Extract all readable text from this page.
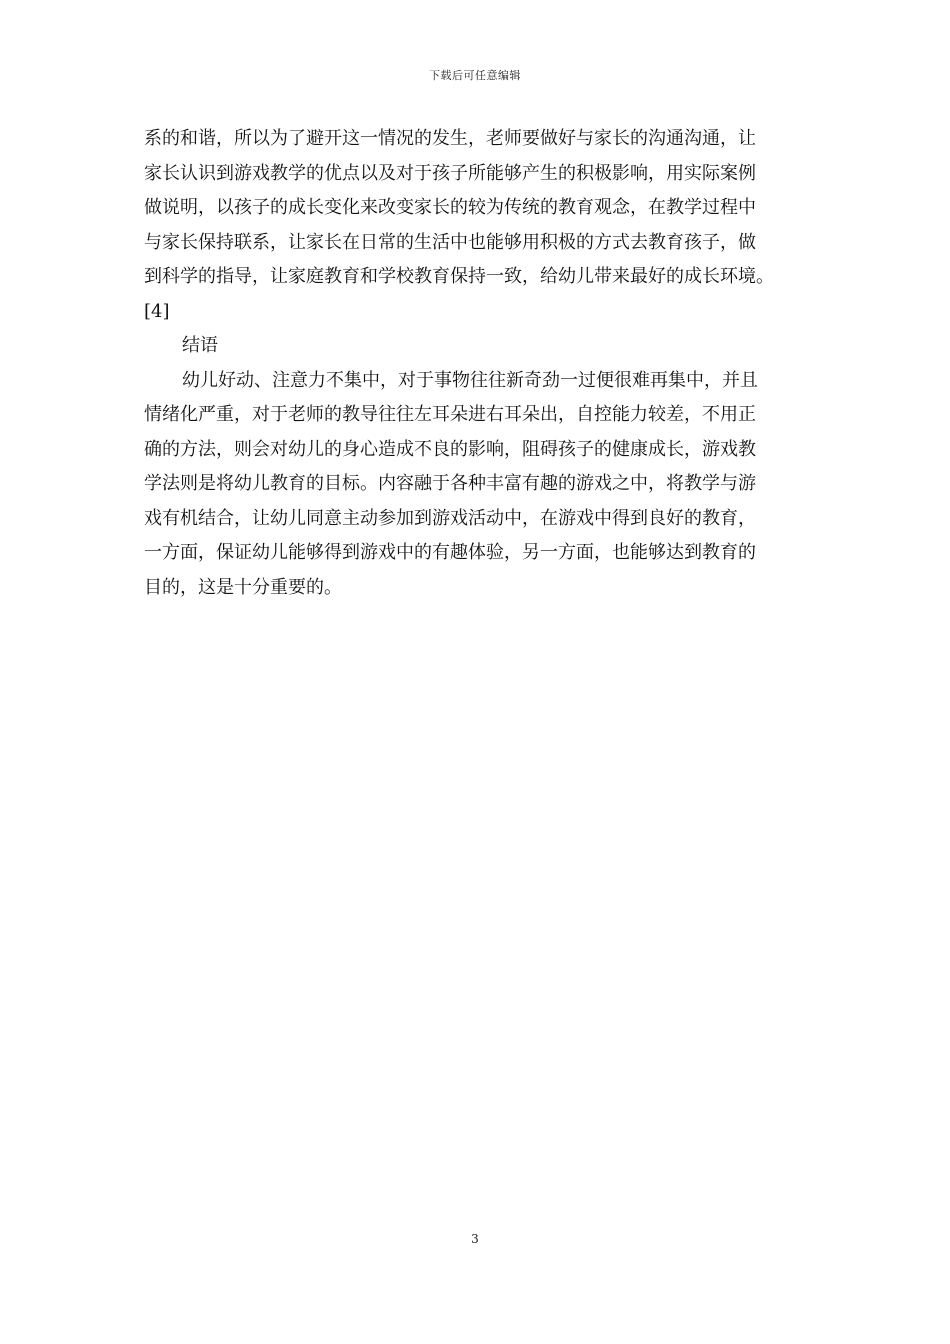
下载后可任意编辑
系的和谐，所以为了避开这一情况的发生，老师要做好与家长的沟通沟通，让
家长认识到游戏教学的优点以及对于孩子所能够产生的积极影响，用实际案例
做说明，以孩子的成长变化来改变家长的较为传统的教育观念，在教学过程中
与家长保持联系，让家长在日常的生活中也能够用积极的方式去教育孩子，做
到科学的指导，让家庭教育和学校教育保持一致，给幼儿带来最好的成长环境。
[4]
结语
幼儿好动、注意力不集中，对于事物往往新奇劲一过便很难再集中，并且
情绪化严重，对于老师的教导往往左耳朵进右耳朵出，自控能力较差，不用正
确的方法，则会对幼儿的身心造成不良的影响，阻碍孩子的健康成长，游戏教
学法则是将幼儿教育的目标。内容融于各种丰富有趣的游戏之中，将教学与游
戏有机结合，让幼儿同意主动参加到游戏活动中，在游戏中得到良好的教育，
一方面，保证幼儿能够得到游戏中的有趣体验，另一方面，也能够达到教育的
目的，这是十分重要的。
3
